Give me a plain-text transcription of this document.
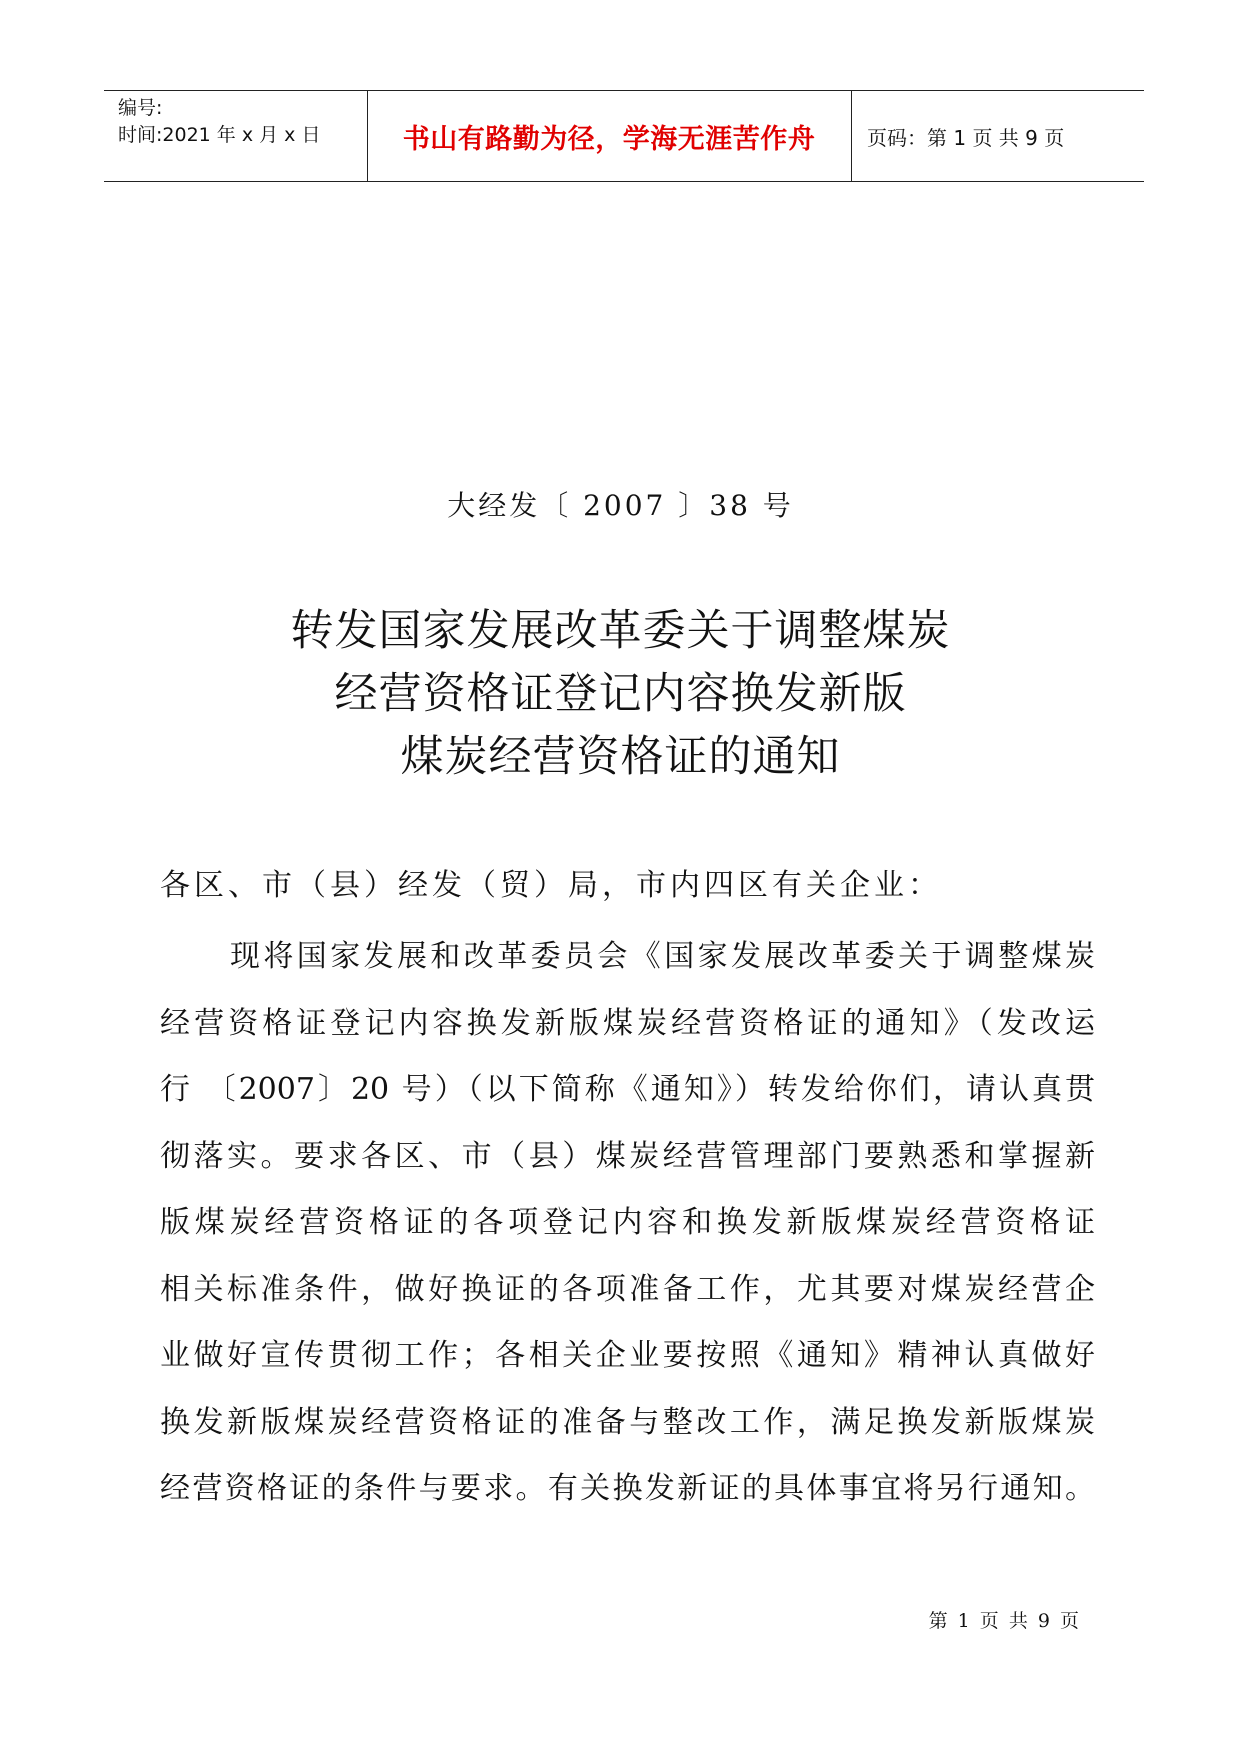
编号:
时间:2021 年 x 月 x 日	书山有路勤为径，学海无涯苦作舟	页码：第 1 页 共 9 页
大经发〔 2007 〕38 号
转发国家发展改革委关于调整煤炭
经营资格证登记内容换发新版
煤炭经营资格证的通知
各区、市（县）经发（贸）局，市内四区有关企业：
现将国家发展和改革委员会《国家发展改革委关于调整煤炭
经营资格证登记内容换发新版煤炭经营资格证的通知》（发改运
行 〔2007〕20 号）（以下简称《通知》）转发给你们，请认真贯
彻落实。要求各区、市（县）煤炭经营管理部门要熟悉和掌握新
版煤炭经营资格证的各项登记内容和换发新版煤炭经营资格证
相关标准条件，做好换证的各项准备工作，尤其要对煤炭经营企
业做好宣传贯彻工作；各相关企业要按照《通知》精神认真做好
换发新版煤炭经营资格证的准备与整改工作，满足换发新版煤炭
经营资格证的条件与要求。有关换发新证的具体事宜将另行通知。
第 1 页 共 9 页
